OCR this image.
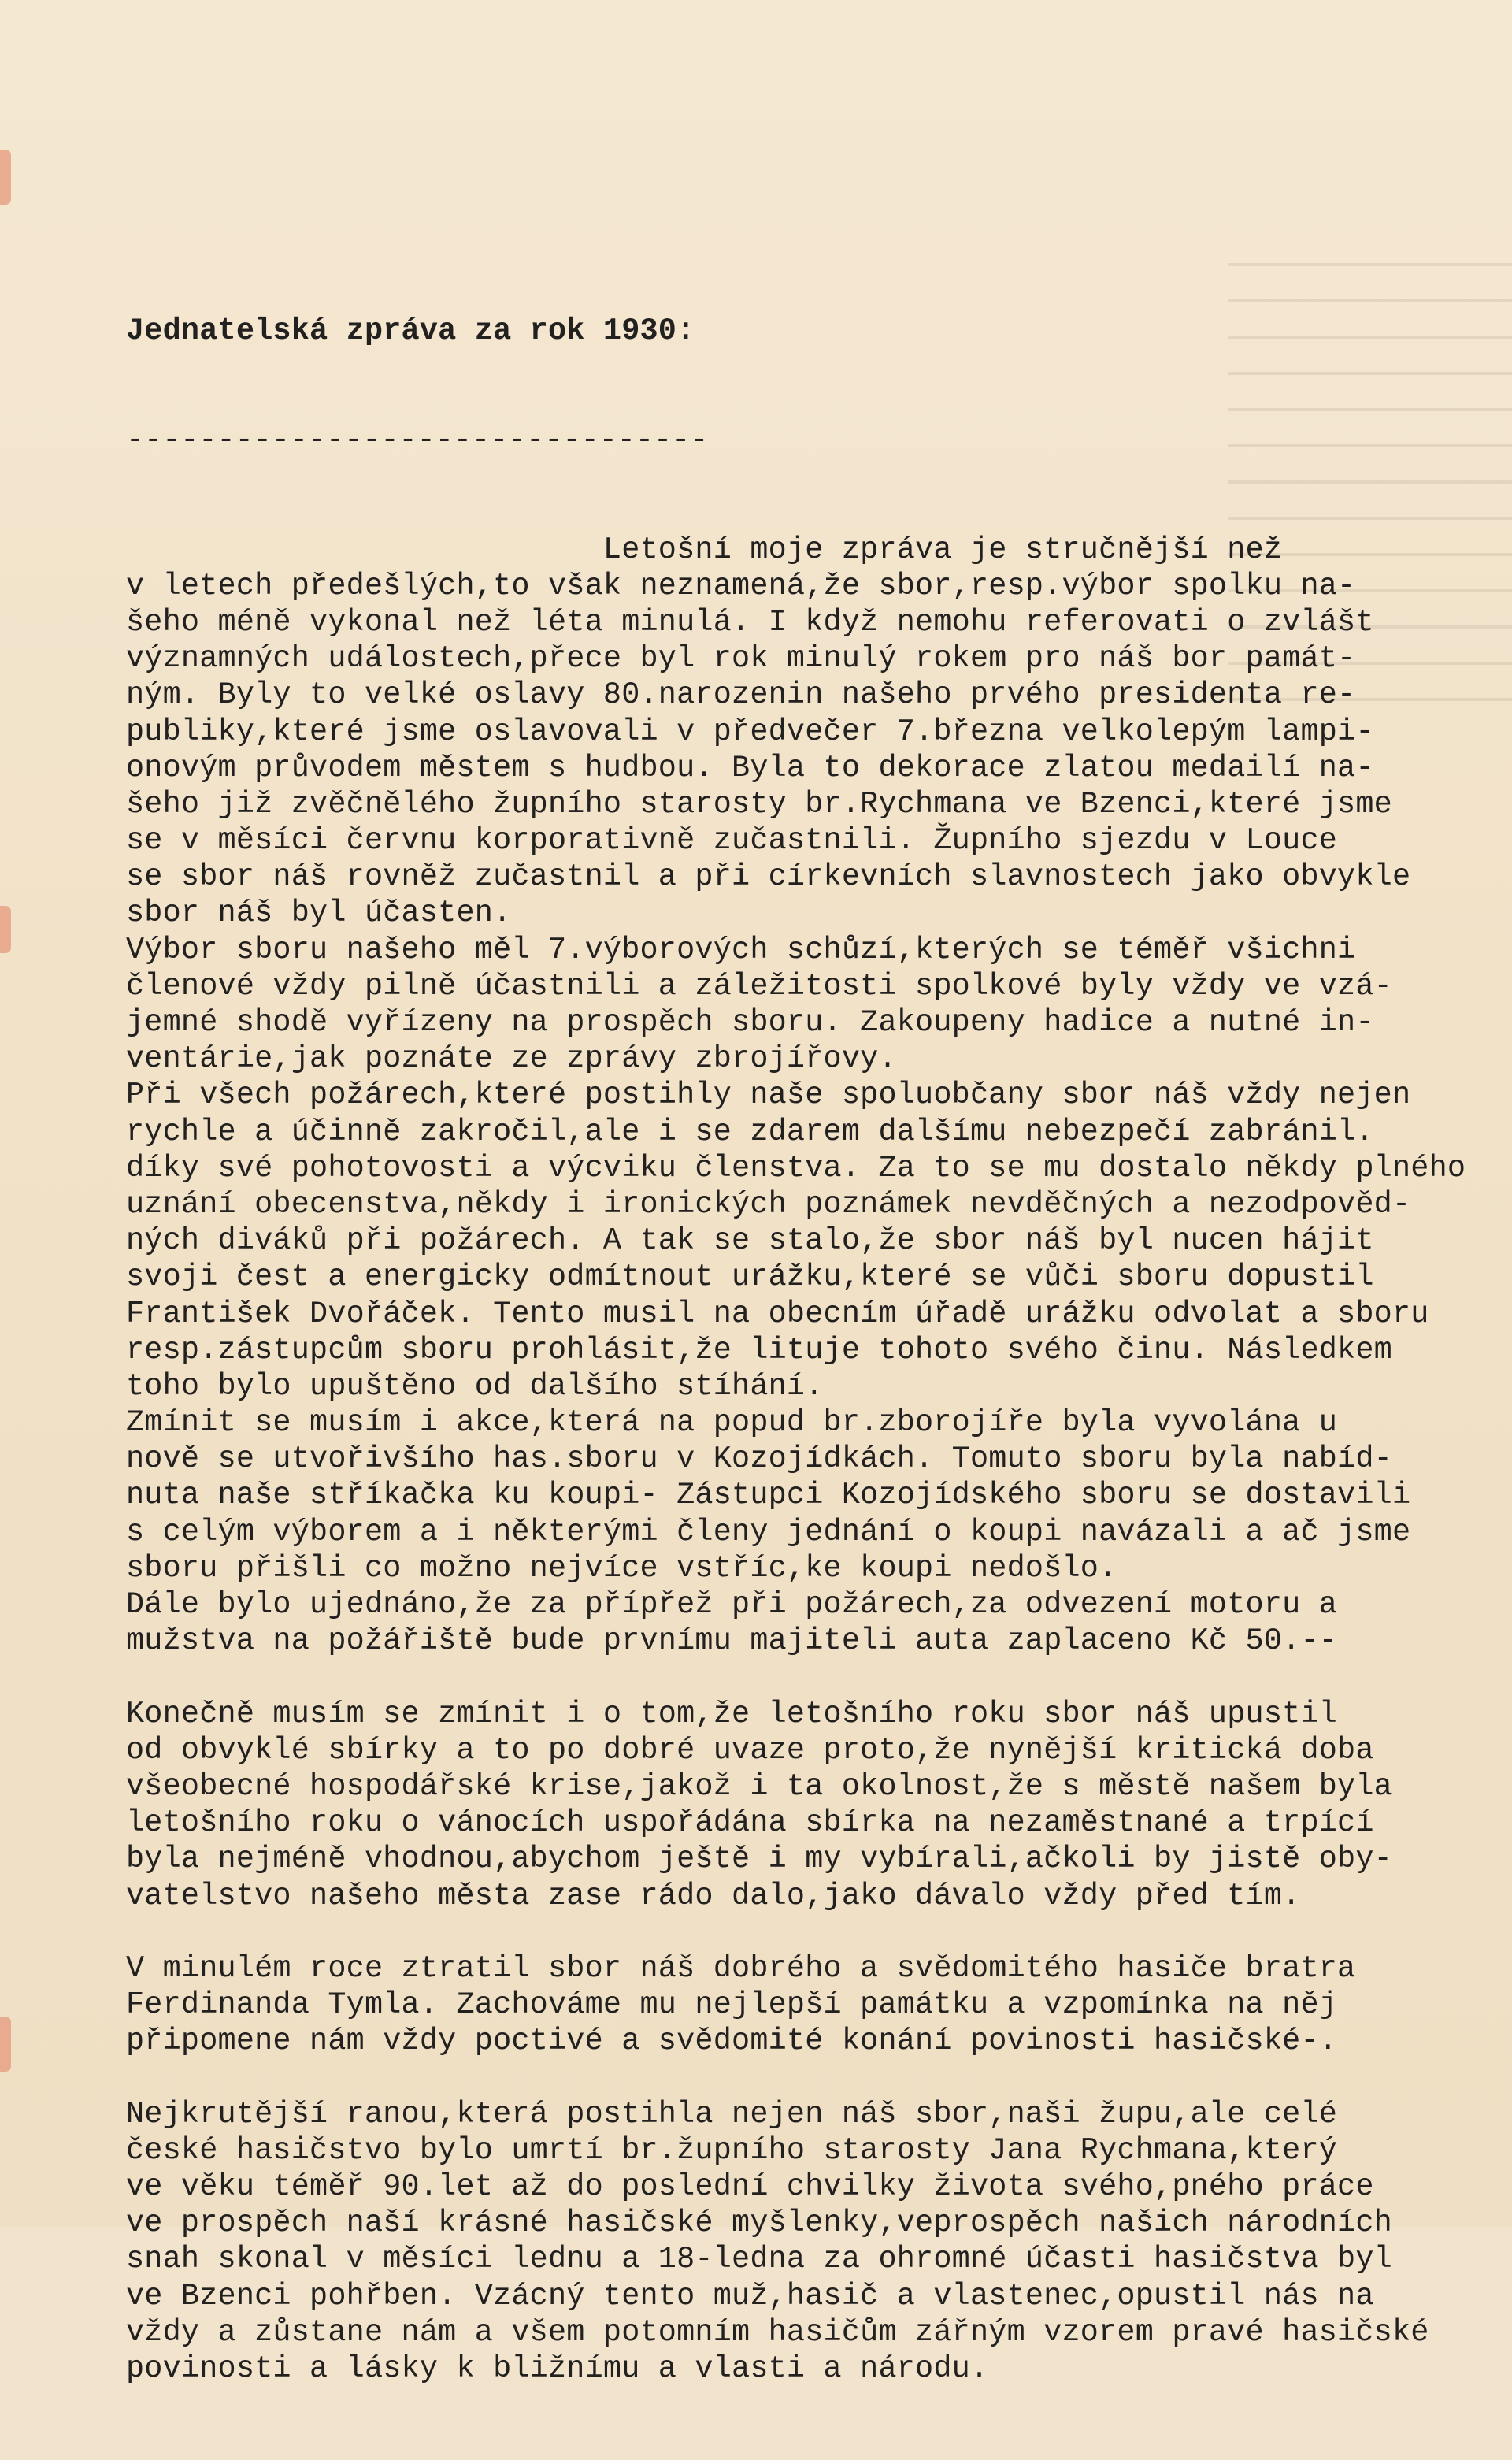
Jednatelská zpráva za rok 1930:

--------------------------------

Letošní moje zpráva je stručnější než
v letech předešlých,to však neznamená,že sbor,resp.výbor spolku na-
šeho méně vykonal než léta minulá. I když nemohu referovati o zvlášt
významných událostech,přece byl rok minulý rokem pro náš bor památ-
ným. Byly to velké oslavy 80.narozenin našeho prvého presidenta re-
publiky,které jsme oslavovali v předvečer 7.března velkolepým lampi-
onovým průvodem městem s hudbou. Byla to dekorace zlatou medailí na-
šeho již zvěčnělého župního starosty br.Rychmana ve Bzenci,které jsme
se v měsíci červnu korporativně zučastnili. Župního sjezdu v Louce
se sbor náš rovněž zučastnil a při církevních slavnostech jako obvykle
sbor náš byl účasten.
Výbor sboru našeho měl 7.výborových schůzí,kterých se téměř všichni
členové vždy pilně účastnili a záležitosti spolkové byly vždy ve vzá-
jemné shodě vyřízeny na prospěch sboru. Zakoupeny hadice a nutné in-
ventárie,jak poznáte ze zprávy zbrojířovy.
Při všech požárech,které postihly naše spoluobčany sbor náš vždy nejen
rychle a účinně zakročil,ale i se zdarem dalšímu nebezpečí zabránil.
díky své pohotovosti a výcviku členstva. Za to se mu dostalo někdy plného
uznání obecenstva,někdy i ironických poznámek nevděčných a nezodpověd-
ných diváků při požárech. A tak se stalo,že sbor náš byl nucen hájit
svoji čest a energicky odmítnout urážku,které se vůči sboru dopustil
František Dvořáček. Tento musil na obecním úřadě urážku odvolat a sboru
resp.zástupcům sboru prohlásit,že lituje tohoto svého činu. Následkem
toho bylo upuštěno od dalšího stíhání.
Zmínit se musím i akce,která na popud br.zborojíře byla vyvolána u
nově se utvořivšího has.sboru v Kozojídkách. Tomuto sboru byla nabíd-
nuta naše stříkačka ku koupi- Zástupci Kozojídského sboru se dostavili
s celým výborem a i některými členy jednání o koupi navázali a ač jsme
sboru přišli co možno nejvíce vstříc,ke koupi nedošlo.
Dále bylo ujednáno,že za přípřež při požárech,za odvezení motoru a
mužstva na požářiště bude prvnímu majiteli auta zaplaceno Kč 50.--
Konečně musím se zmínit i o tom,že letošního roku sbor náš upustil
od obvyklé sbírky a to po dobré uvaze proto,že nynější kritická doba
všeobecné hospodářské krise,jakož i ta okolnost,že s městě našem byla
letošního roku o vánocích uspořádána sbírka na nezaměstnané a trpící
byla nejméně vhodnou,abychom ještě i my vybírali,ačkoli by jistě oby-
vatelstvo našeho města zase rádo dalo,jako dávalo vždy před tím.
V minulém roce ztratil sbor náš dobrého a svědomitého hasiče bratra
Ferdinanda Tymla. Zachováme mu nejlepší památku a vzpomínka na něj
připomene nám vždy poctivé a svědomité konání povinosti hasičské-.
Nejkrutější ranou,která postihla nejen náš sbor,naši župu,ale celé
české hasičstvo bylo umrtí br.župního starosty Jana Rychmana,který
ve věku téměř 90.let až do poslední chvilky života svého,pného práce
ve prospěch naší krásné hasičské myšlenky,veprospěch našich národních
snah skonal v měsíci lednu a 18-ledna za ohromné účasti hasičstva byl
ve Bzenci pohřben. Vzácný tento muž,hasič a vlastenec,opustil nás na
vždy a zůstane nám a všem potomním hasičům zářným vzorem pravé hasičské
povinosti a lásky k bližnímu a vlasti a národu.
